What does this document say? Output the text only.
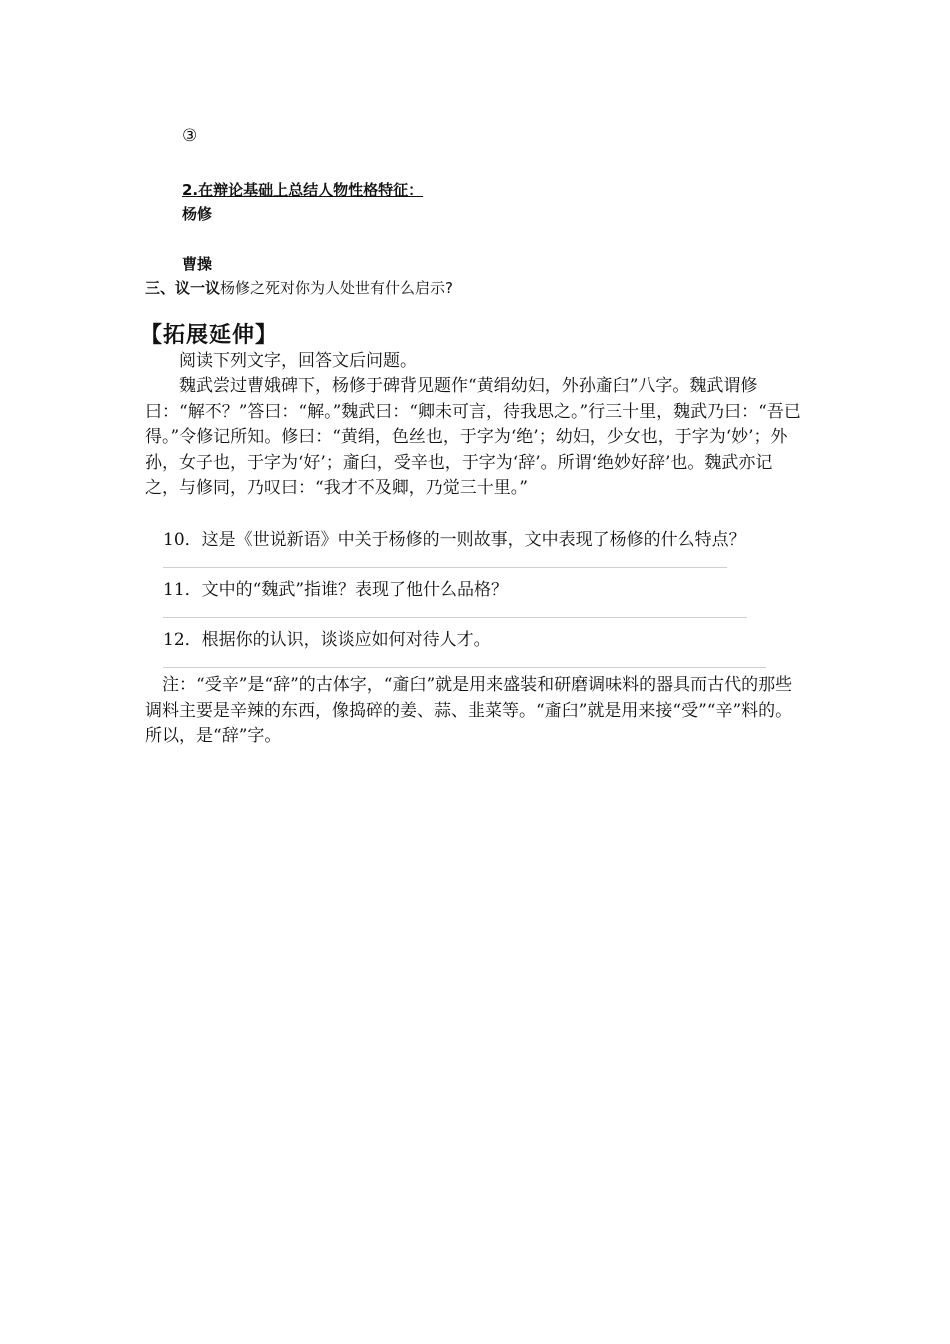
③
2.在辩论基础上总结人物性格特征：
杨修
曹操
三、议一议杨修之死对你为人处世有什么启示?
【拓展延伸】

阅读下列文字，回答文后问题。

魏武尝过曹娥碑下，杨修于碑背见题作“黄绢幼妇，外孙齑臼”八字。魏武谓修曰：“解不？”答曰：“解。”魏武曰：“卿未可言，待我思之。”行三十里，魏武乃曰：“吾已得。”令修记所知。修曰：“黄绢，色丝也，于字为‘绝’；幼妇，少女也，于字为‘妙’；外孙，女子也，于字为‘好’；齑臼，受辛也，于字为‘辞’。所谓‘绝妙好辞’也。魏武亦记之，与修同，乃叹曰：“我才不及卿，乃觉三十里。”

10．这是《世说新语》中关于杨修的一则故事，文中表现了杨修的什么特点？
11．文中的“魏武”指谁？表现了他什么品格？
12．根据你的认识，谈谈应如何对待人才。

注：“受辛”是“辞”的古体字，“齑臼”就是用来盛装和研磨调味料的器具而古代的那些调料主要是辛辣的东西，像捣碎的姜、蒜、韭菜等。“齑臼”就是用来接“受”“辛”料的。所以，是“辞”字。
